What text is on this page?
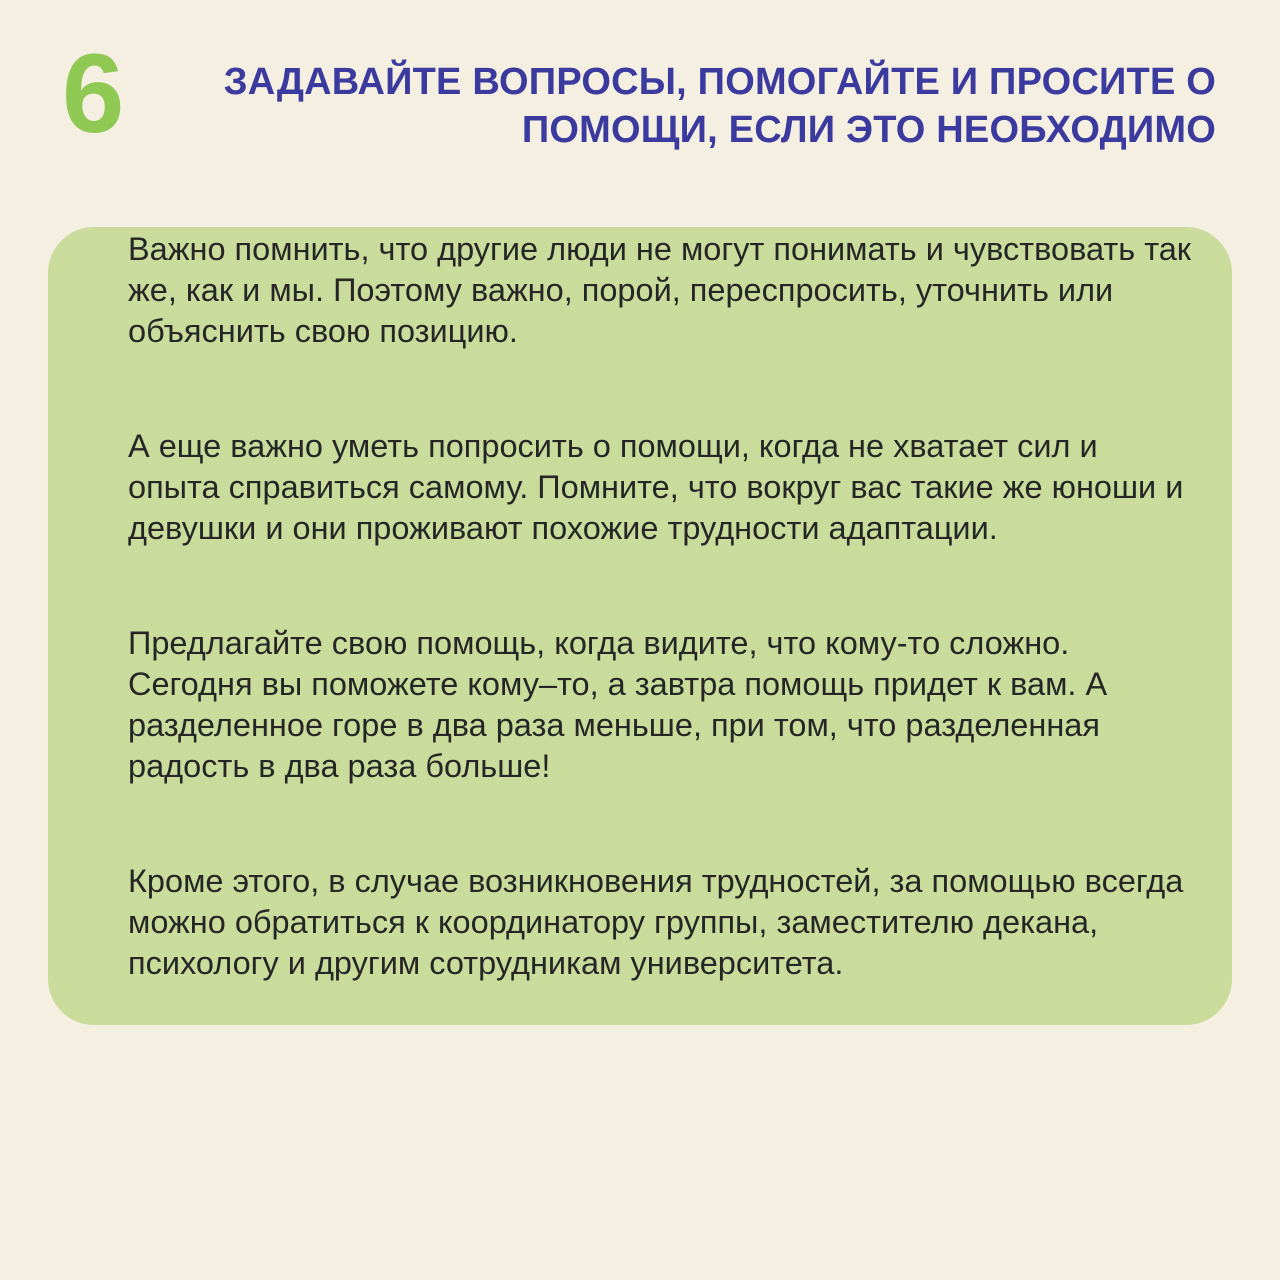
6	ЗАДАВАЙТЕ ВОПРОСЫ, ПОМОГАЙТЕ И ПРОСИТЕ О
ПОМОЩИ, ЕСЛИ ЭТО НЕОБХОДИМО

Важно помнить, что другие люди не могут понимать и чувствовать так же, как и мы. Поэтому важно, порой, переспросить, уточнить или объяснить свою позицию.

А еще важно уметь попросить о помощи, когда не хватает сил и опыта справиться самому. Помните, что вокруг вас такие же юноши и девушки и они проживают похожие трудности адаптации.

Предлагайте свою помощь, когда видите, что кому-то сложно. Сегодня вы поможете кому–то, а завтра помощь придет к вам. А разделенное горе в два раза меньше, при том, что разделенная радость в два раза больше!

Кроме этого, в случае возникновения трудностей, за помощью всегда можно обратиться к координатору группы, заместителю декана, психологу и другим сотрудникам университета.
